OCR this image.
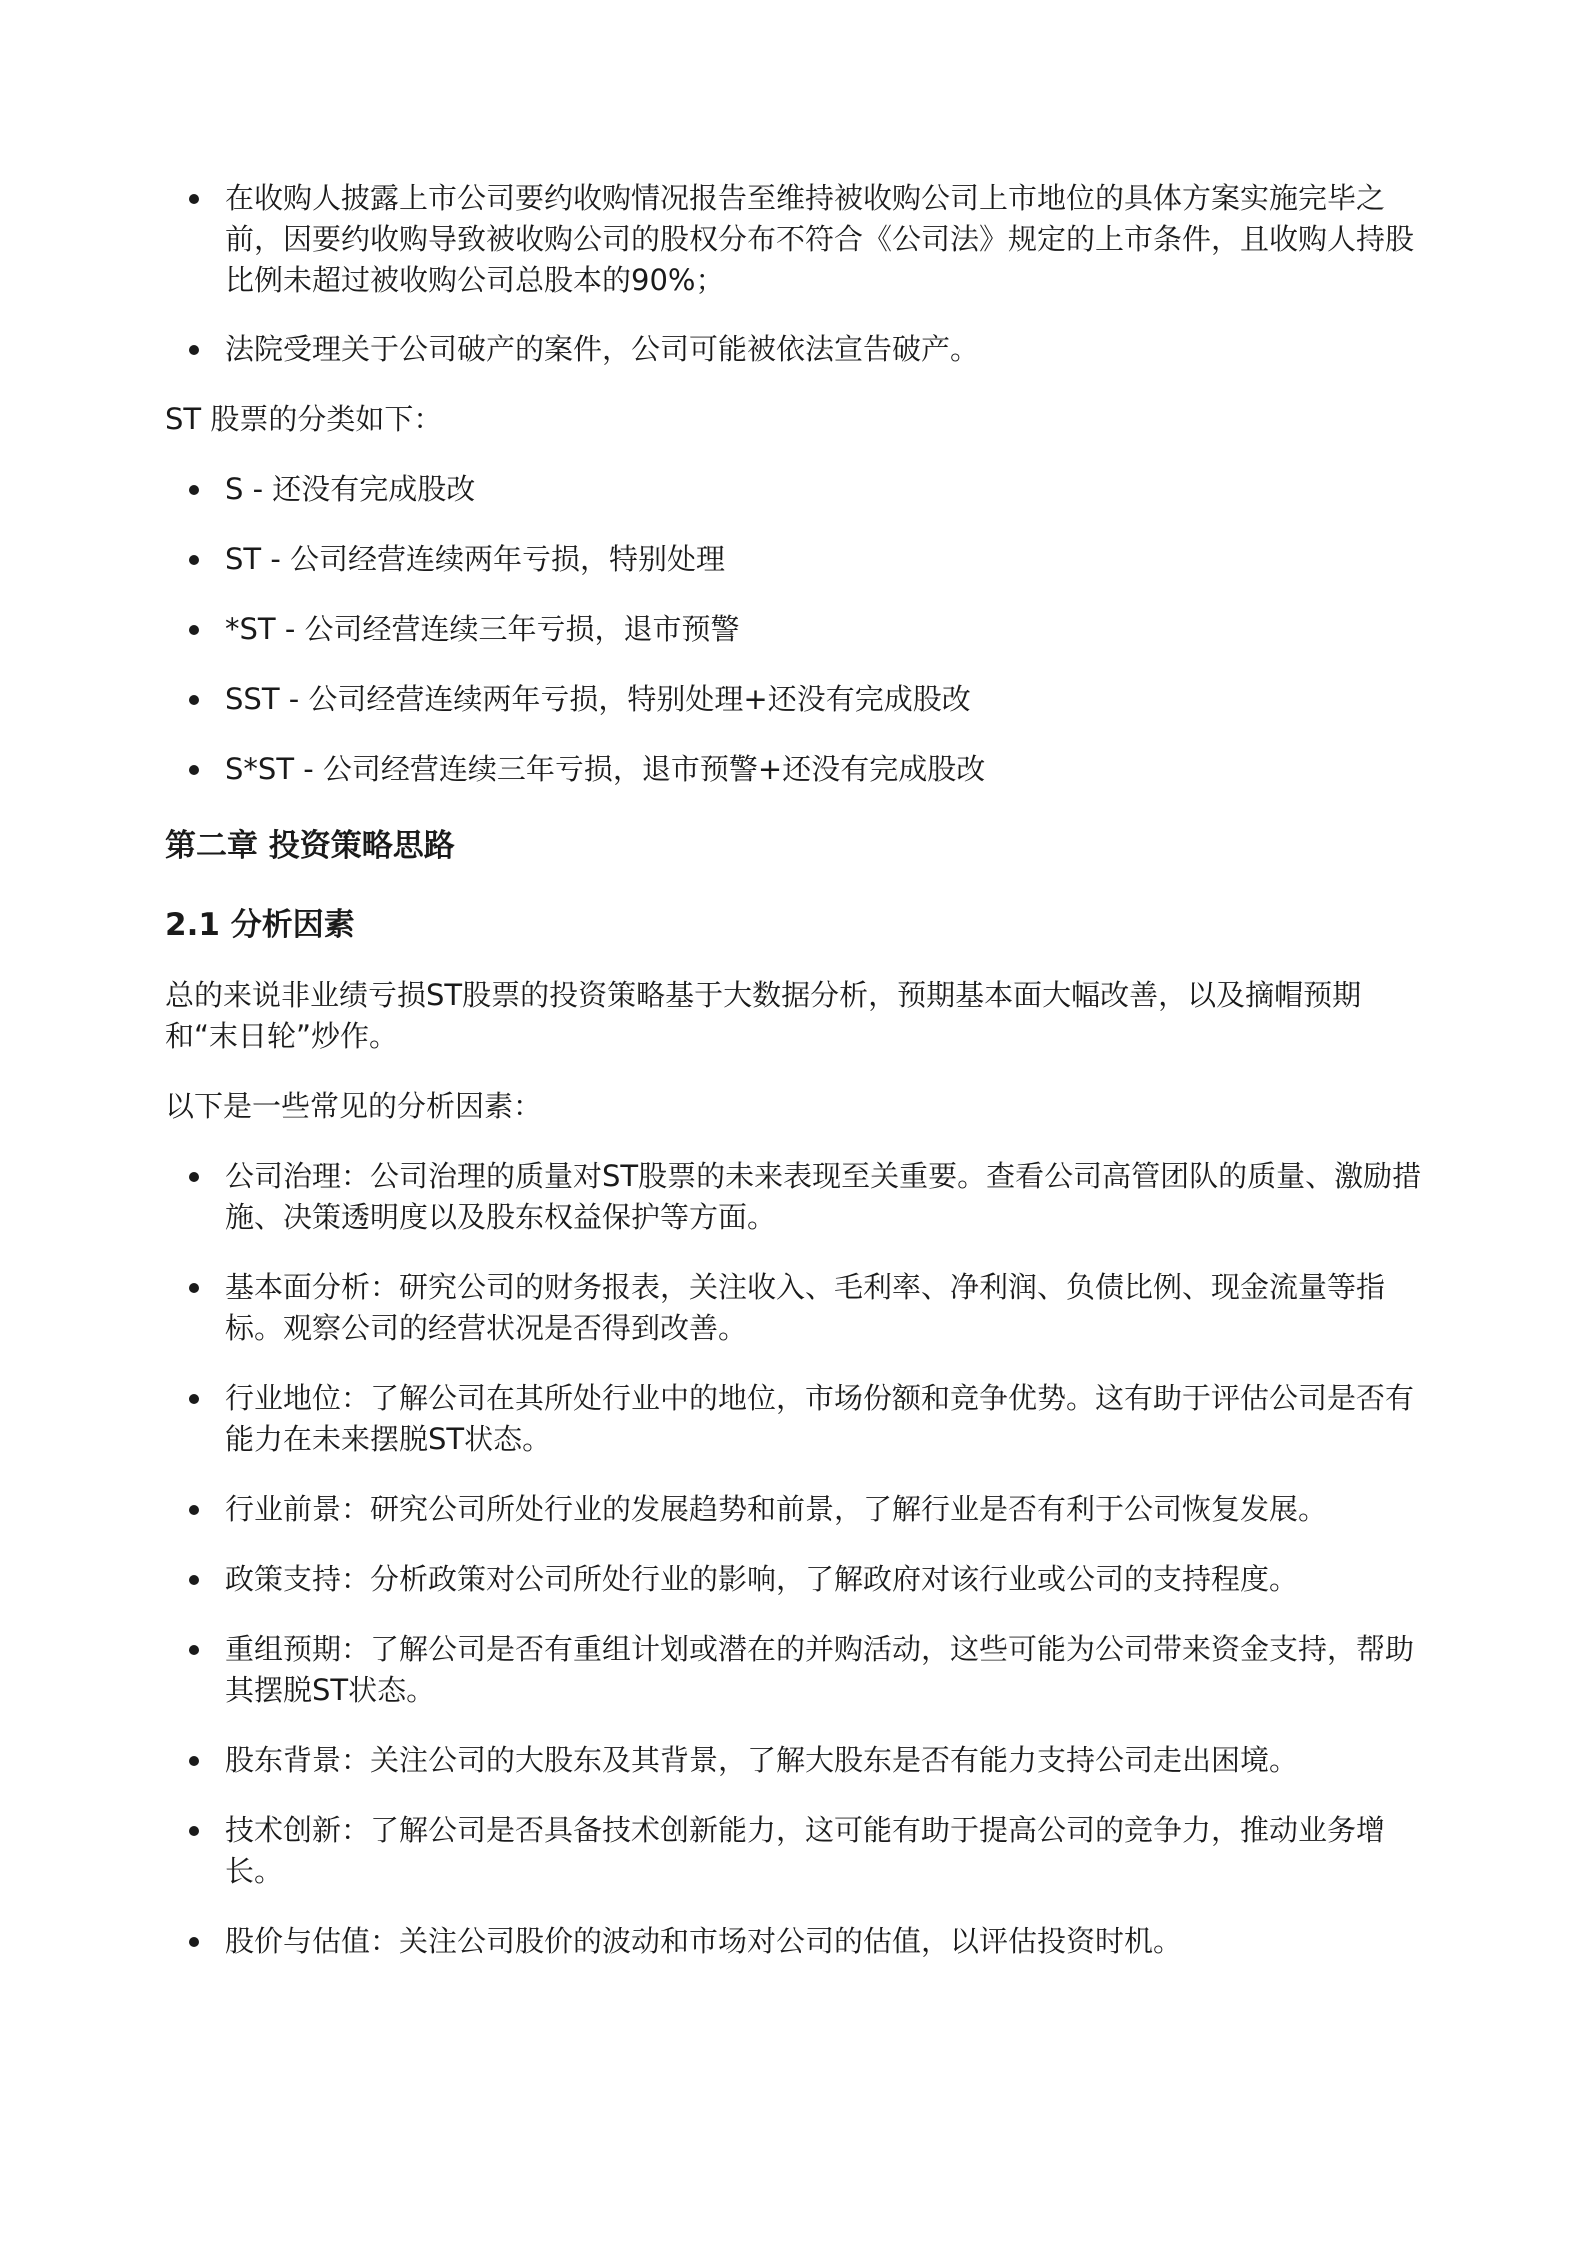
在收购人披露上市公司要约收购情况报告至维持被收购公司上市地位的具体方案实施完毕之前，因要约收购导致被收购公司的股权分布不符合《公司法》规定的上市条件，且收购人持股比例未超过被收购公司总股本的90%；
法院受理关于公司破产的案件，公司可能被依法宣告破产。

ST 股票的分类如下：

S - 还没有完成股改
ST - 公司经营连续两年亏损，特别处理
*ST - 公司经营连续三年亏损，退市预警
SST - 公司经营连续两年亏损，特别处理+还没有完成股改
S*ST - 公司经营连续三年亏损，退市预警+还没有完成股改
第二章 投资策略思路
2.1 分析因素

总的来说非业绩亏损ST股票的投资策略基于大数据分析，预期基本面大幅改善，以及摘帽预期和“末日轮”炒作。

以下是一些常见的分析因素：

公司治理：公司治理的质量对ST股票的未来表现至关重要。查看公司高管团队的质量、激励措施、决策透明度以及股东权益保护等方面。
基本面分析：研究公司的财务报表，关注收入、毛利率、净利润、负债比例、现金流量等指标。观察公司的经营状况是否得到改善。
行业地位：了解公司在其所处行业中的地位，市场份额和竞争优势。这有助于评估公司是否有能力在未来摆脱ST状态。
行业前景：研究公司所处行业的发展趋势和前景，了解行业是否有利于公司恢复发展。
政策支持：分析政策对公司所处行业的影响，了解政府对该行业或公司的支持程度。
重组预期：了解公司是否有重组计划或潜在的并购活动，这些可能为公司带来资金支持，帮助其摆脱ST状态。
股东背景：关注公司的大股东及其背景，了解大股东是否有能力支持公司走出困境。
技术创新：了解公司是否具备技术创新能力，这可能有助于提高公司的竞争力，推动业务增长。
股价与估值：关注公司股价的波动和市场对公司的估值，以评估投资时机。
